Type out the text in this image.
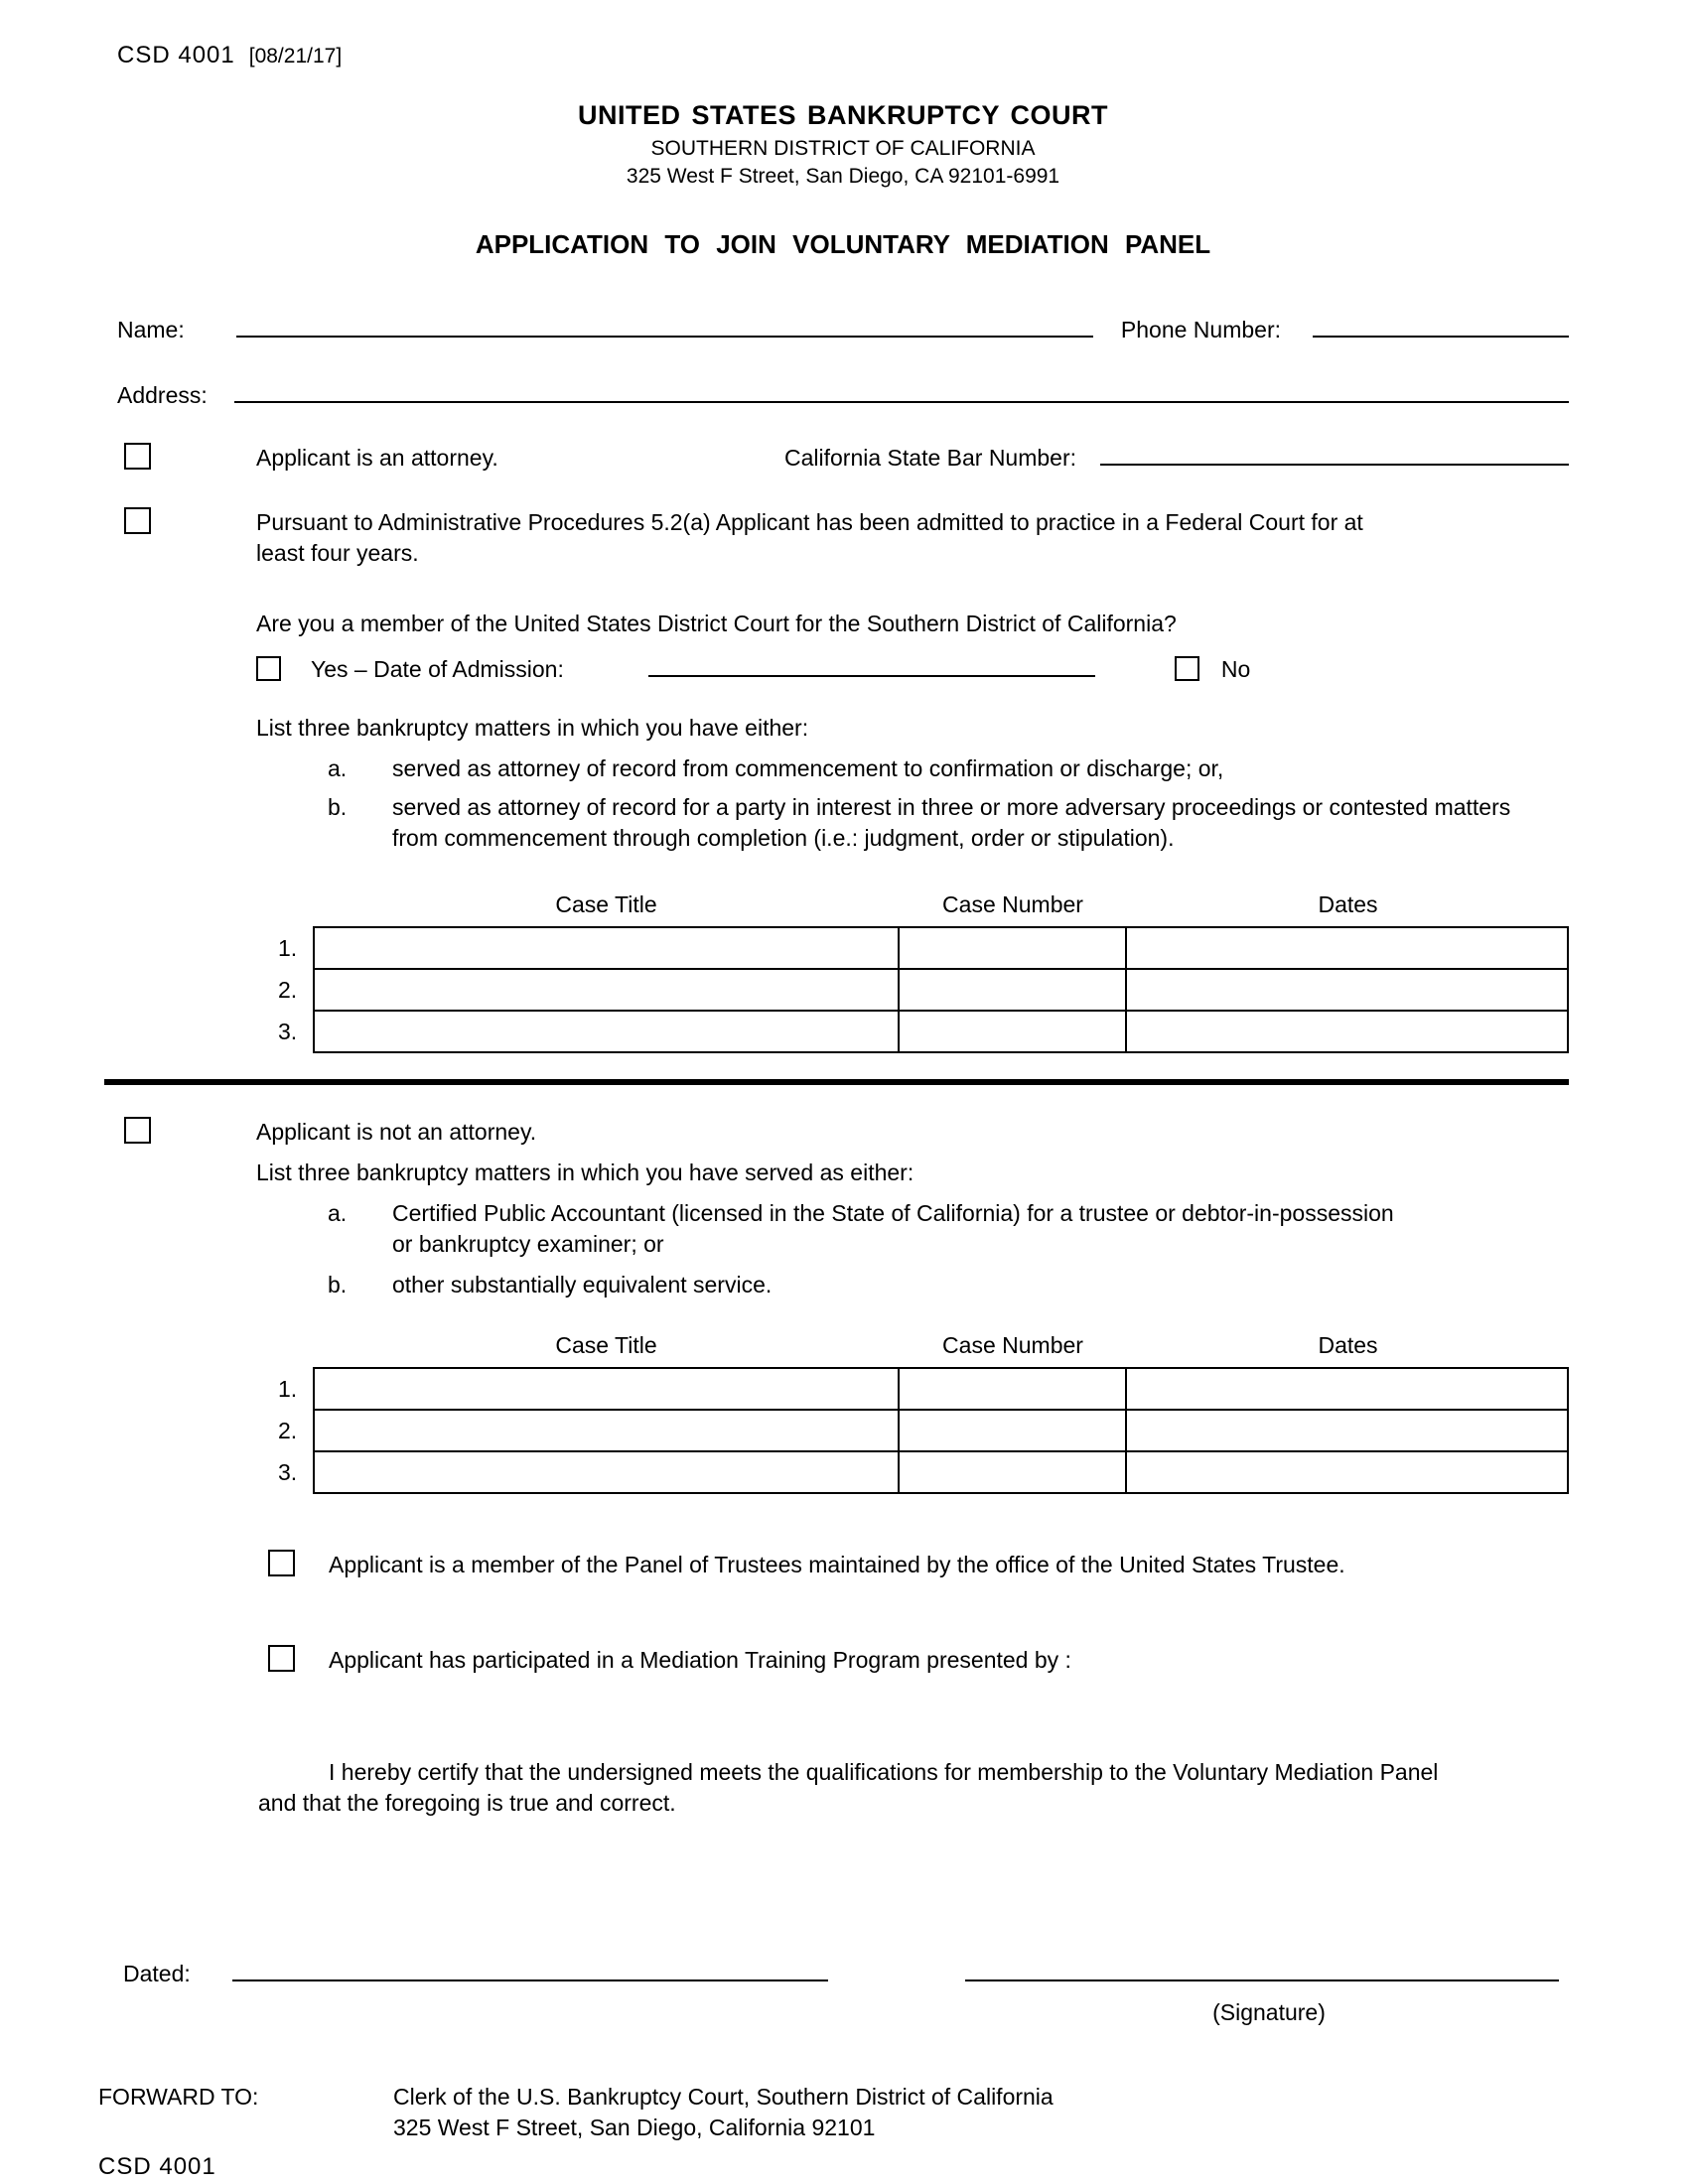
CSD 4001 [08/21/17]
UNITED STATES BANKRUPTCY COURT
SOUTHERN DISTRICT OF CALIFORNIA
325 West F Street, San Diego, CA 92101-6991
APPLICATION TO JOIN VOLUNTARY MEDIATION PANEL
Name:	Phone Number:
Address:
Applicant is an attorney.	California State Bar Number:
Pursuant to Administrative Procedures 5.2(a) Applicant has been admitted to practice in a Federal Court for at least four years.
Are you a member of the United States District Court for the Southern District of California?
Yes – Date of Admission:	No
List three bankruptcy matters in which you have either:
a.	served as attorney of record from commencement to confirmation or discharge; or,
b.	served as attorney of record for a party in interest in three or more adversary proceedings or contested matters from commencement through completion (i.e.: judgment, order or stipulation).
Case Title	Case Number	Dates
1.			
2.			
3.			
Applicant is not an attorney.
List three bankruptcy matters in which you have served as either:
a.	Certified Public Accountant (licensed in the State of California) for a trustee or debtor-in-possession or bankruptcy examiner; or
b.	other substantially equivalent service.
Case Title	Case Number	Dates
1.			
2.			
3.			
Applicant is a member of the Panel of Trustees maintained by the office of the United States Trustee.
Applicant has participated in a Mediation Training Program presented by :
I hereby certify that the undersigned meets the qualifications for membership to the Voluntary Mediation Panel and that the foregoing is true and correct.
Dated:
(Signature)
FORWARD TO:	Clerk of the U.S. Bankruptcy Court, Southern District of California
325 West F Street, San Diego, California 92101
CSD 4001
